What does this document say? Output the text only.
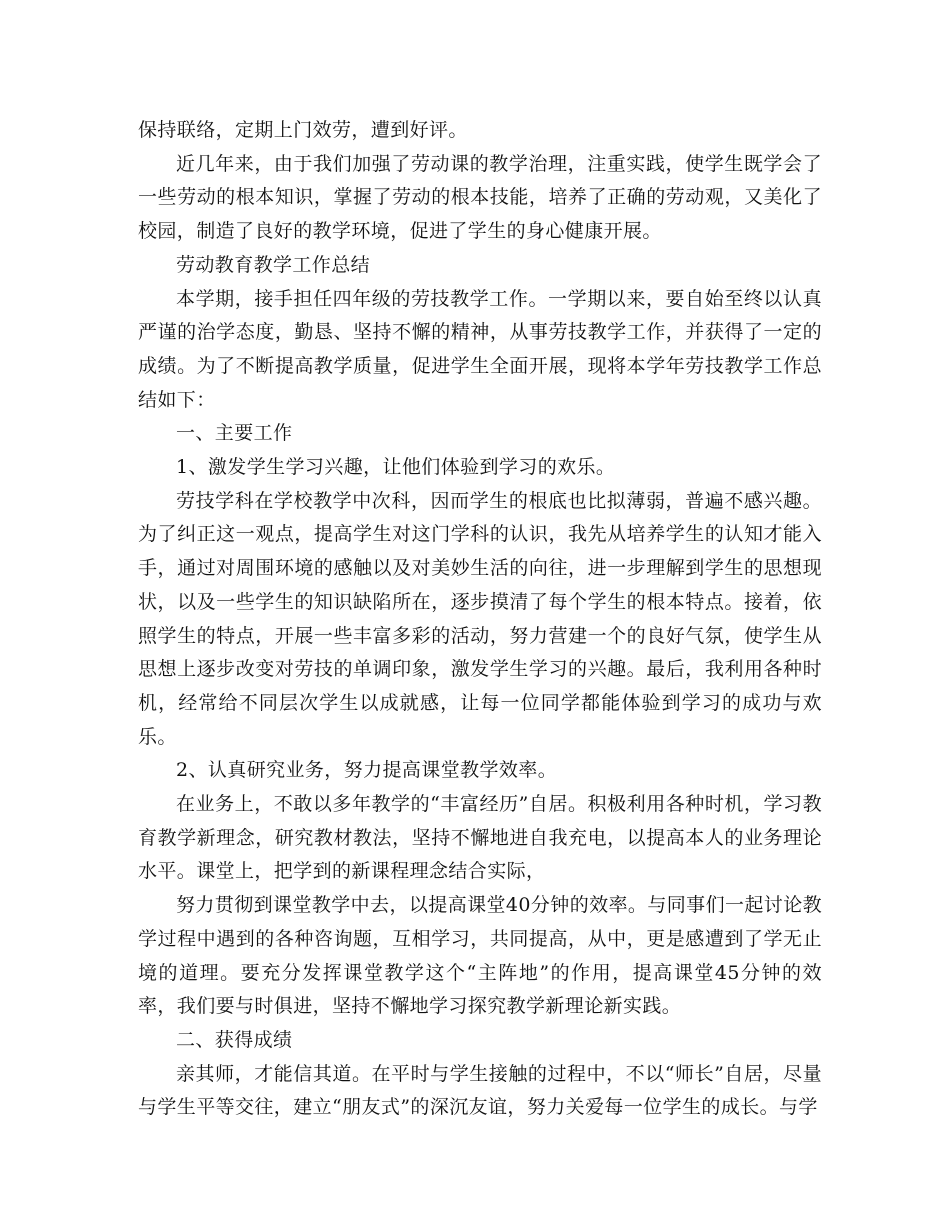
保持联络，定期上门效劳，遭到好评。

近几年来，由于我们加强了劳动课的教学治理，注重实践，使学生既学会了一些劳动的根本知识，掌握了劳动的根本技能，培养了正确的劳动观，又美化了校园，制造了良好的教学环境，促进了学生的身心健康开展。

劳动教育教学工作总结

本学期，接手担任四年级的劳技教学工作。一学期以来，要自始至终以认真严谨的治学态度，勤恳、坚持不懈的精神，从事劳技教学工作，并获得了一定的成绩。为了不断提高教学质量，促进学生全面开展，现将本学年劳技教学工作总结如下：

一、主要工作

1、激发学生学习兴趣，让他们体验到学习的欢乐。

劳技学科在学校教学中次科，因而学生的根底也比拟薄弱，普遍不感兴趣。为了纠正这一观点，提高学生对这门学科的认识，我先从培养学生的认知才能入手，通过对周围环境的感触以及对美妙生活的向往，进一步理解到学生的思想现状，以及一些学生的知识缺陷所在，逐步摸清了每个学生的根本特点。接着，依照学生的特点，开展一些丰富多彩的活动，努力营建一个的良好气氛，使学生从思想上逐步改变对劳技的单调印象，激发学生学习的兴趣。最后，我利用各种时机，经常给不同层次学生以成就感，让每一位同学都能体验到学习的成功与欢乐。

2、认真研究业务，努力提高课堂教学效率。

在业务上，不敢以多年教学的“丰富经历”自居。积极利用各种时机，学习教育教学新理念，研究教材教法，坚持不懈地进自我充电，以提高本人的业务理论水平。课堂上，把学到的新课程理念结合实际，

努力贯彻到课堂教学中去，以提高课堂40分钟的效率。与同事们一起讨论教学过程中遇到的各种咨询题，互相学习，共同提高，从中，更是感遭到了学无止境的道理。要充分发挥课堂教学这个“主阵地”的作用，提高课堂45分钟的效率，我们要与时俱进，坚持不懈地学习探究教学新理论新实践。

二、获得成绩

亲其师，才能信其道。在平时与学生接触的过程中，不以“师长”自居，尽量与学生平等交往，建立“朋友式”的深沉友谊，努力关爱每一位学生的成长。与学
